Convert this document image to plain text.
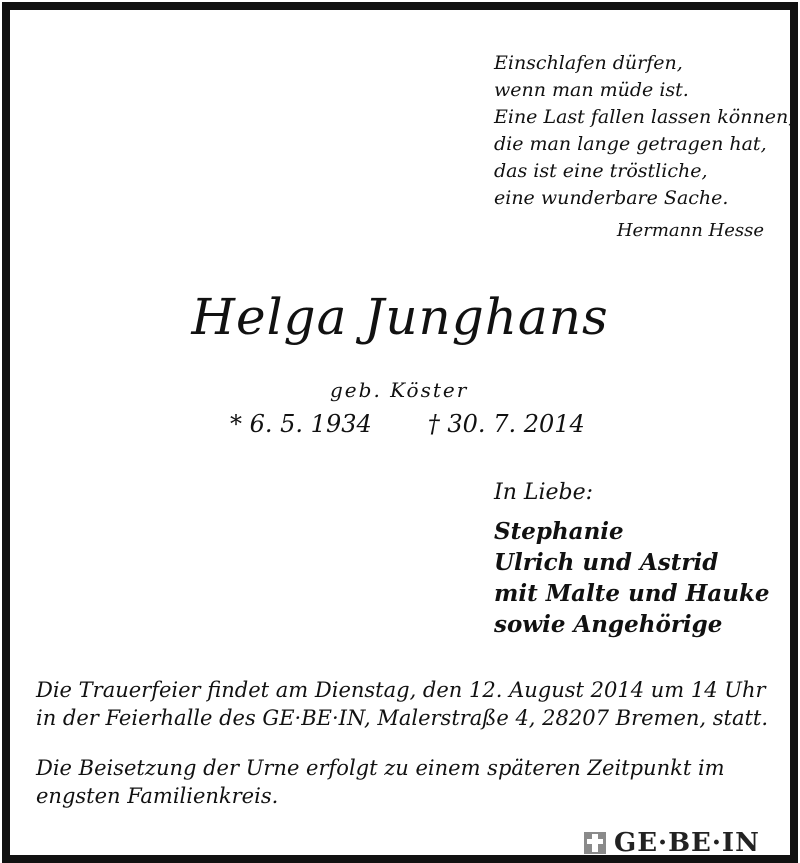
Einschlafen dürfen,
wenn man müde ist.
Eine Last fallen lassen können,
die man lange getragen hat,
das ist eine tröstliche,
eine wunderbare Sache.
Hermann Hesse
Helga Junghans
geb. Köster
* 6. 5. 1934 † 30. 7. 2014
In Liebe:
Stephanie
Ulrich und Astrid
mit Malte und Hauke
sowie Angehörige
Die Trauerfeier findet am Dienstag, den 12. August 2014 um 14 Uhr in der Feierhalle des GE·BE·IN, Malerstraße 4, 28207 Bremen, statt.
Die Beisetzung der Urne erfolgt zu einem späteren Zeitpunkt im engsten Familienkreis.
GE·BE·IN
